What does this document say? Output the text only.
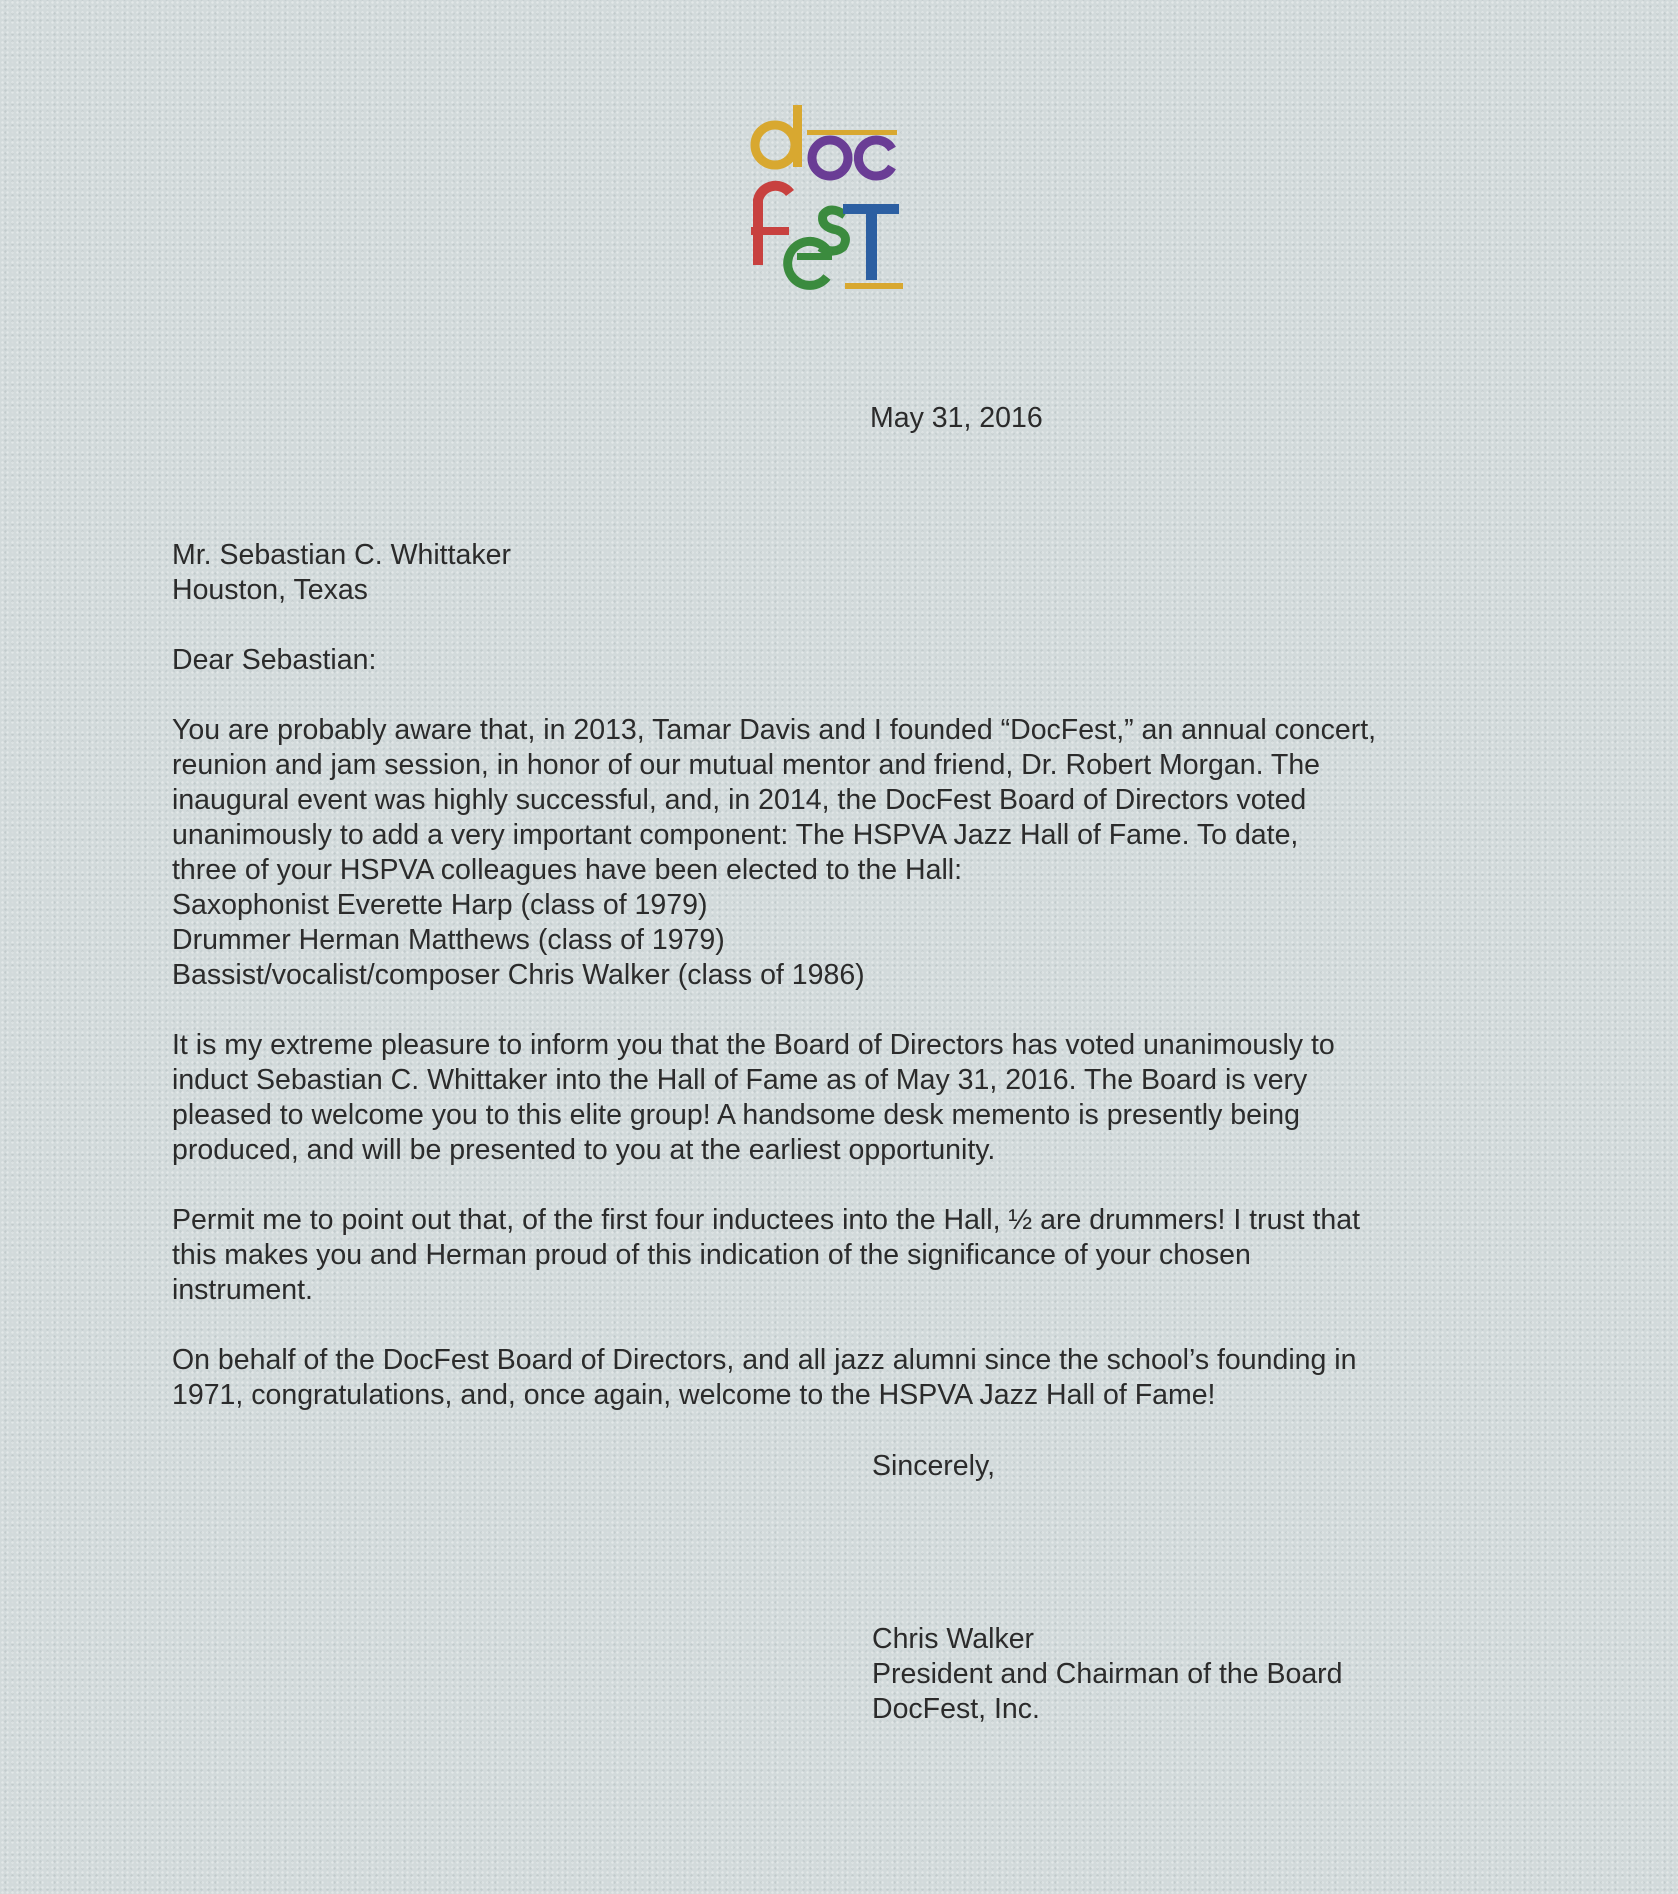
May 31, 2016
Mr. Sebastian C. Whittaker
Houston, Texas
Dear Sebastian:
You are probably aware that, in 2013, Tamar Davis and I founded “DocFest,” an annual concert,
reunion and jam session, in honor of our mutual mentor and friend, Dr. Robert Morgan. The
inaugural event was highly successful, and, in 2014, the DocFest Board of Directors voted
unanimously to add a very important component: The HSPVA Jazz Hall of Fame. To date,
three of your HSPVA colleagues have been elected to the Hall:
Saxophonist Everette Harp (class of 1979)
Drummer Herman Matthews (class of 1979)
Bassist/vocalist/composer Chris Walker (class of 1986)
It is my extreme pleasure to inform you that the Board of Directors has voted unanimously to
induct Sebastian C. Whittaker into the Hall of Fame as of May 31, 2016. The Board is very
pleased to welcome you to this elite group! A handsome desk memento is presently being
produced, and will be presented to you at the earliest opportunity.
Permit me to point out that, of the first four inductees into the Hall, ½ are drummers! I trust that
this makes you and Herman proud of this indication of the significance of your chosen
instrument.
On behalf of the DocFest Board of Directors, and all jazz alumni since the school’s founding in
1971, congratulations, and, once again, welcome to the HSPVA Jazz Hall of Fame!
Sincerely,
Chris Walker
President and Chairman of the Board
DocFest, Inc.
